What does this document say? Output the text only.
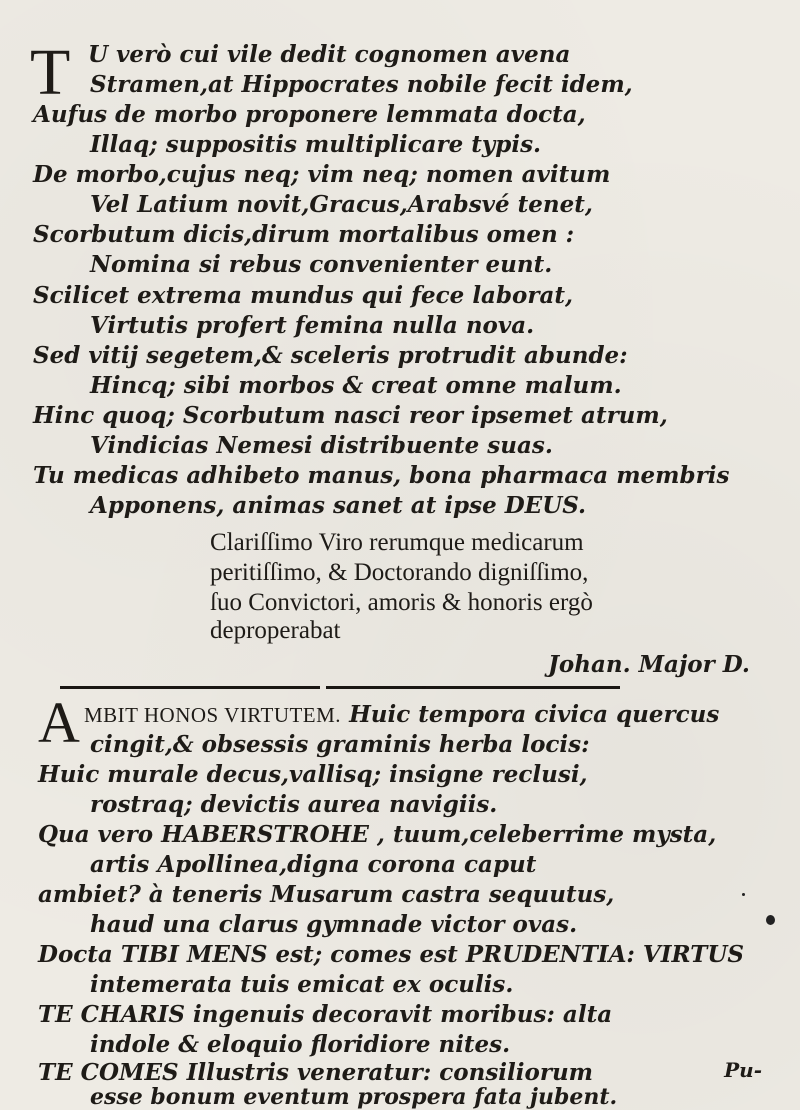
T U verò cui vile dedit cognomen avena
Stramen,at Hippocrates nobile fecit idem,
Aufus de morbo proponere lemmata docta,
Illaq; suppositis multiplicare typis.
De morbo,cujus neq; vim neq; nomen avitum
Vel Latium novit,Gracus,Arabsvé tenet,
Scorbutum dicis,dirum mortalibus omen :
Nomina si rebus convenienter eunt.
Scilicet extrema mundus qui fece laborat,
Virtutis profert femina nulla nova.
Sed vitij segetem,& sceleris protrudit abunde:
Hincq; sibi morbos & creat omne malum.
Hinc quoq; Scorbutum nasci reor ipsemet atrum,
Vindicias Nemesi distribuente suas.
Tu medicas adhibeto manus, bona pharmaca membris
Apponens, animas sanet at ipse DEUS.
Clariſſimo Viro rerumque medicarum
peritiſſimo, & Doctorando digniſſimo,
ſuo Convictori, amoris & honoris ergò
deproperabat
Johan. Major D.
A MBIT HONOS VIRTUTEM. Huic tempora civica quercus
cingit,& obsessis graminis herba locis:
Huic murale decus,vallisq; insigne reclusi,
rostraq; devictis aurea navigiis.
Qua vero HABERSTROHE , tuum,celeberrime mysta,
artis Apollinea,digna corona caput
ambiet? à teneris Musarum castra sequutus,
haud una clarus gymnade victor ovas.
Docta TIBI MENS est; comes est PRUDENTIA: VIRTUS
intemerata tuis emicat ex oculis.
TE CHARIS ingenuis decoravit moribus: alta
indole & eloquio floridiore nites.
TE COMES Illustris veneratur: consiliorum
esse bonum eventum prospera fata jubent.
Pu-
